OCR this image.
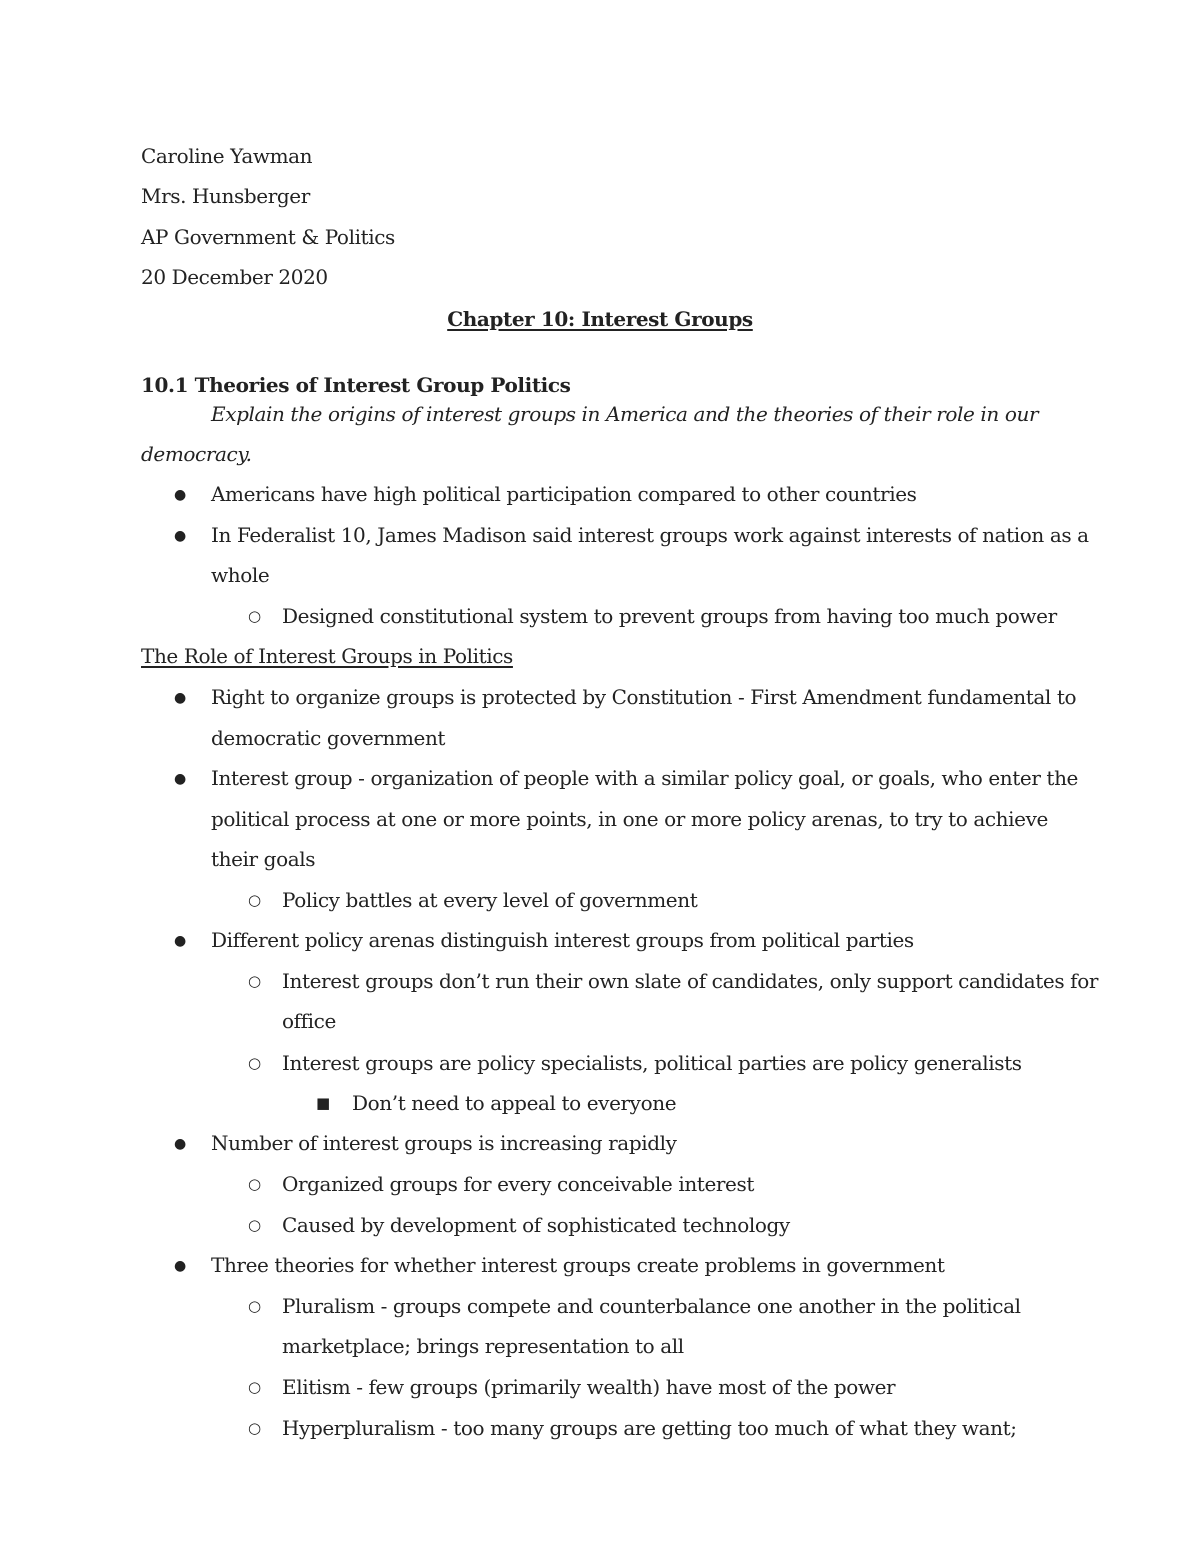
Caroline Yawman
Mrs. Hunsberger
AP Government & Politics
20 December 2020
Chapter 10: Interest Groups
10.1 Theories of Interest Group Politics
Explain the origins of interest groups in America and the theories of their role in our
democracy.
● Americans have high political participation compared to other countries
● In Federalist 10, James Madison said interest groups work against interests of nation as a
whole
○ Designed constitutional system to prevent groups from having too much power
The Role of Interest Groups in Politics
● Right to organize groups is protected by Constitution - First Amendment fundamental to
democratic government
● Interest group - organization of people with a similar policy goal, or goals, who enter the
political process at one or more points, in one or more policy arenas, to try to achieve
their goals
○ Policy battles at every level of government
● Different policy arenas distinguish interest groups from political parties
○ Interest groups don’t run their own slate of candidates, only support candidates for
office
○ Interest groups are policy specialists, political parties are policy generalists
■ Don’t need to appeal to everyone
● Number of interest groups is increasing rapidly
○ Organized groups for every conceivable interest
○ Caused by development of sophisticated technology
● Three theories for whether interest groups create problems in government
○ Pluralism - groups compete and counterbalance one another in the political
marketplace; brings representation to all
○ Elitism - few groups (primarily wealth) have most of the power
○ Hyperpluralism - too many groups are getting too much of what they want;
